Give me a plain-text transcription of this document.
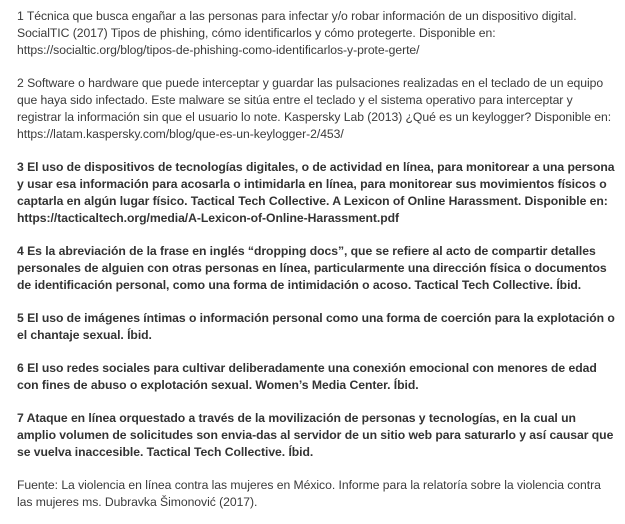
1 Técnica que busca engañar a las personas para infectar y/o robar información de un dispositivo digital. SocialTIC (2017) Tipos de phishing, cómo identificarlos y cómo protegerte. Disponible en: https://socialtic.org/blog/tipos-de-phishing-como-identificarlos-y-prote-gerte/

2 Software o hardware que puede interceptar y guardar las pulsaciones realizadas en el teclado de un equipo que haya sido infectado. Este malware se sitúa entre el teclado y el sistema operativo para interceptar y registrar la información sin que el usuario lo note. Kaspersky Lab (2013) ¿Qué es un keylogger? Disponible en: https://latam.kaspersky.com/blog/que-es-un-keylogger-2/453/

3 El uso de dispositivos de tecnologías digitales, o de actividad en línea, para monitorear a una persona y usar esa información para acosarla o intimidarla en línea, para monitorear sus movimientos físicos o captarla en algún lugar físico. Tactical Tech Collective. A Lexicon of Online Harassment. Disponible en: https://tacticaltech.org/media/A-Lexicon-of-Online-Harassment.pdf

4 Es la abreviación de la frase en inglés “dropping docs”, que se refiere al acto de compartir detalles personales de alguien con otras personas en línea, particularmente una dirección física o documentos de identificación personal, como una forma de intimidación o acoso. Tactical Tech Collective. Íbid.

5 El uso de imágenes íntimas o información personal como una forma de coerción para la explotación o el chantaje sexual. Íbid.

6 El uso redes sociales para cultivar deliberadamente una conexión emocional con menores de edad con fines de abuso o explotación sexual. Women’s Media Center. Íbid.

7 Ataque en línea orquestado a través de la movilización de personas y tecnologías, en la cual un amplio volumen de solicitudes son envia-das al servidor de un sitio web para saturarlo y así causar que se vuelva inaccesible. Tactical Tech Collective. Íbid.

Fuente: La violencia en línea contra las mujeres en México. Informe para la relatoría sobre la violencia contra las mujeres ms. Dubravka Šimonović (2017).
